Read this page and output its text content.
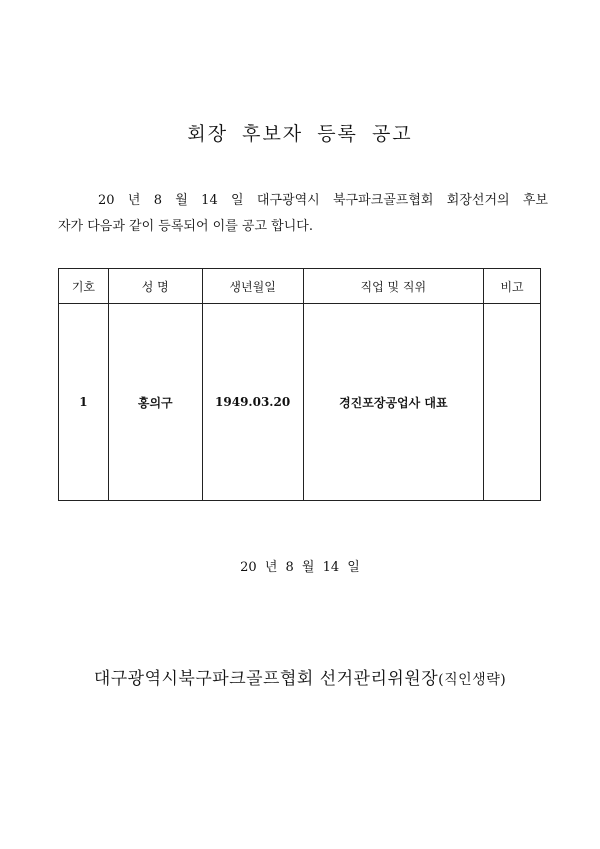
회장 후보자 등록 공고
20 년 8 월 14 일 대구광역시 북구파크골프협회 회장선거의 후보
자가 다음과 같이 등록되어 이를 공고 합니다.
기호	성 명	생년월일	직업 및 직위	비고
1	홍의구	1949.03.20	경진포장공업사 대표	
20 년 8 월 14 일
대구광역시북구파크골프협회 선거관리위원장(직인생략)
